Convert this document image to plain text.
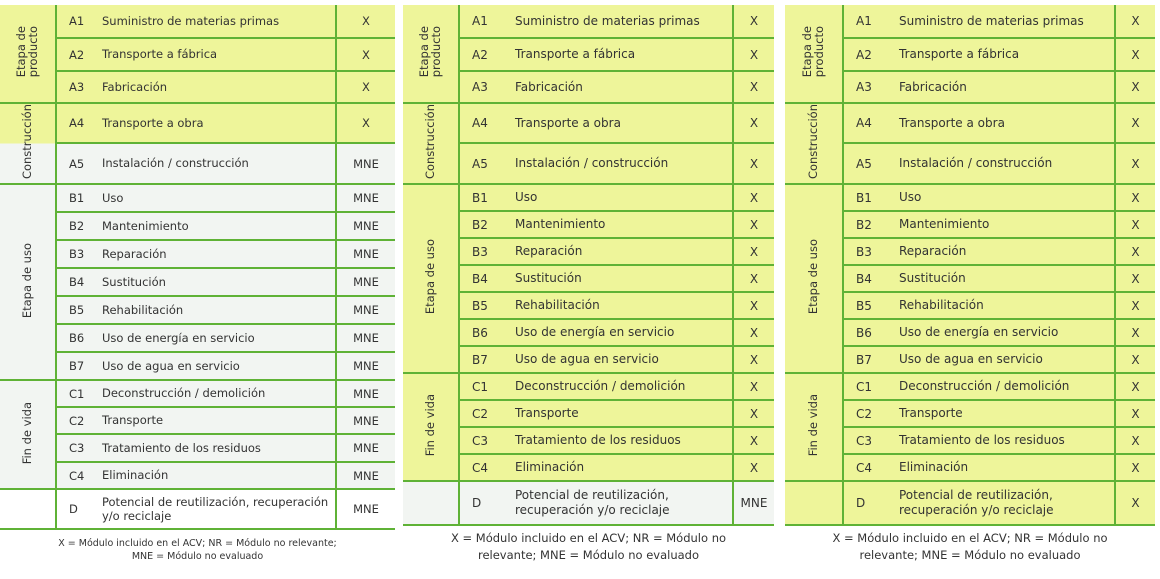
Etapa de
producto	A1	Suministro de materias primas	X
	A2	Transporte a fábrica	X
	A3	Fabricación	X
Construcción	A4	Transporte a obra	X
	A5	Instalación / construcción	MNE
Etapa de uso	B1	Uso	MNE
	B2	Mantenimiento	MNE
	B3	Reparación	MNE
	B4	Sustitución	MNE
	B5	Rehabilitación	MNE
	B6	Uso de energía en servicio	MNE
	B7	Uso de agua en servicio	MNE
Fin de vida	C1	Deconstrucción / demolición	MNE
	C2	Transporte	MNE
	C3	Tratamiento de los residuos	MNE
	C4	Eliminación	MNE
	D	Potencial de reutilización, recuperación y/o reciclaje	MNE
X = Módulo incluido en el ACV; NR = Módulo no relevante;
MNE = Módulo no evaluado
Etapa de
producto	A1	Suministro de materias primas	X
	A2	Transporte a fábrica	X
	A3	Fabricación	X
Construcción	A4	Transporte a obra	X
	A5	Instalación / construcción	X
Etapa de uso	B1	Uso	X
	B2	Mantenimiento	X
	B3	Reparación	X
	B4	Sustitución	X
	B5	Rehabilitación	X
	B6	Uso de energía en servicio	X
	B7	Uso de agua en servicio	X
Fin de vida	C1	Deconstrucción / demolición	X
	C2	Transporte	X
	C3	Tratamiento de los residuos	X
	C4	Eliminación	X
	D	Potencial de reutilización,
recuperación y/o reciclaje	MNE
X = Módulo incluido en el ACV; NR = Módulo no
relevante; MNE = Módulo no evaluado
Etapa de
producto	A1	Suministro de materias primas	X
	A2	Transporte a fábrica	X
	A3	Fabricación	X
Construcción	A4	Transporte a obra	X
	A5	Instalación / construcción	X
Etapa de uso	B1	Uso	X
	B2	Mantenimiento	X
	B3	Reparación	X
	B4	Sustitución	X
	B5	Rehabilitación	X
	B6	Uso de energía en servicio	X
	B7	Uso de agua en servicio	X
Fin de vida	C1	Deconstrucción / demolición	X
	C2	Transporte	X
	C3	Tratamiento de los residuos	X
	C4	Eliminación	X
	D	Potencial de reutilización,
recuperación y/o reciclaje	X
X = Módulo incluido en el ACV; NR = Módulo no
relevante; MNE = Módulo no evaluado
